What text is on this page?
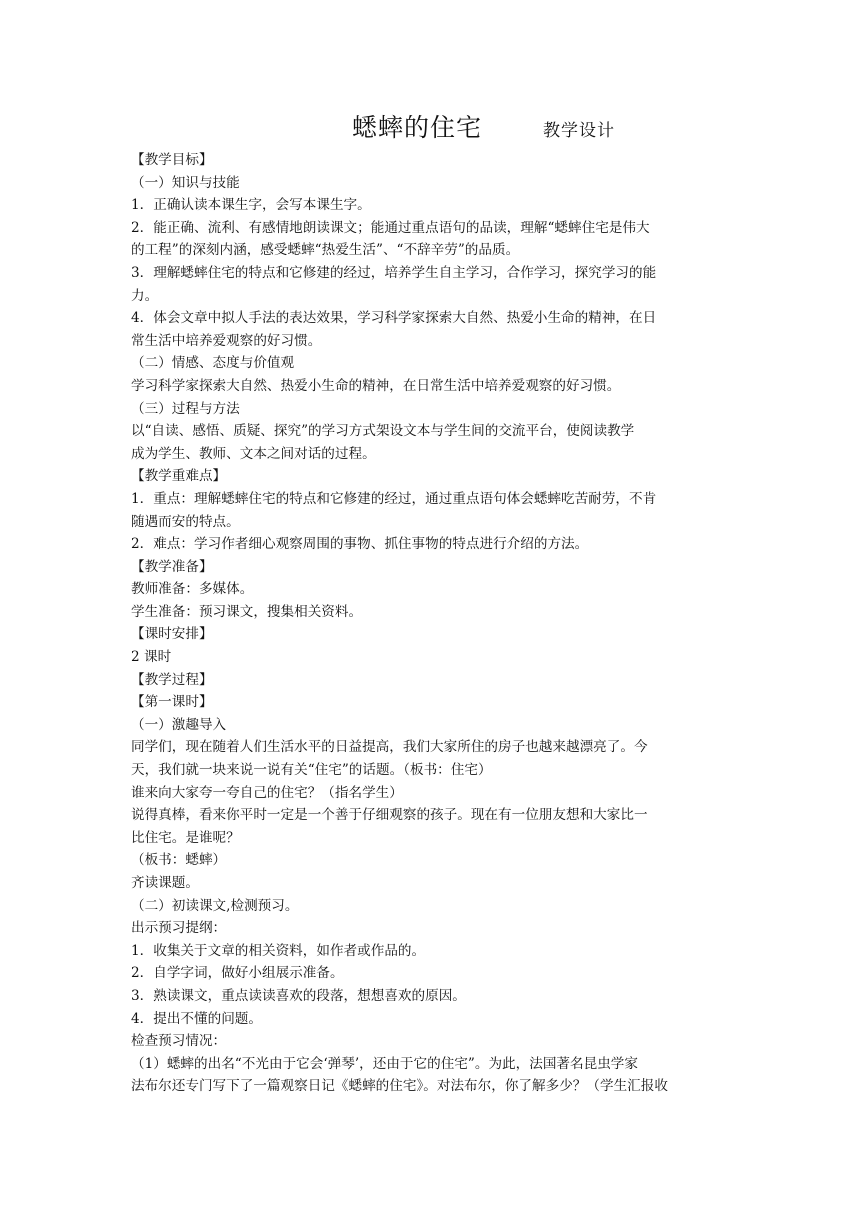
蟋蟀的住宅	教学设计
【教学目标】
（一）知识与技能
1．正确认读本课生字，会写本课生字。
2．能正确、流利、有感情地朗读课文；能通过重点语句的品读，理解“蟋蟀住宅是伟大
的工程”的深刻内涵，感受蟋蟀“热爱生活”、“不辞辛劳”的品质。
3．理解蟋蟀住宅的特点和它修建的经过，培养学生自主学习，合作学习，探究学习的能
力。
4．体会文章中拟人手法的表达效果，学习科学家探索大自然、热爱小生命的精神，在日
常生活中培养爱观察的好习惯。
（二）情感、态度与价值观
学习科学家探索大自然、热爱小生命的精神，在日常生活中培养爱观察的好习惯。
（三）过程与方法
以“自读、感悟、质疑、探究”的学习方式架设文本与学生间的交流平台，使阅读教学
成为学生、教师、文本之间对话的过程。
【教学重难点】
1．重点：理解蟋蟀住宅的特点和它修建的经过，通过重点语句体会蟋蟀吃苦耐劳，不肯
随遇而安的特点。
2．难点：学习作者细心观察周围的事物、抓住事物的特点进行介绍的方法。
【教学准备】
教师准备：多媒体。
学生准备：预习课文，搜集相关资料。
【课时安排】
2 课时
【教学过程】
【第一课时】
（一）激趣导入
同学们，现在随着人们生活水平的日益提高，我们大家所住的房子也越来越漂亮了。今
天，我们就一块来说一说有关“住宅”的话题。（板书：住宅）
谁来向大家夸一夸自己的住宅？（指名学生）
说得真棒，看来你平时一定是一个善于仔细观察的孩子。现在有一位朋友想和大家比一
比住宅。是谁呢？
（板书：蟋蟀）
齐读课题。
（二）初读课文,检测预习。
出示预习提纲：
1．收集关于文章的相关资料，如作者或作品的。
2．自学字词，做好小组展示准备。
3．熟读课文，重点读读喜欢的段落，想想喜欢的原因。
4．提出不懂的问题。
检查预习情况：
（1）蟋蟀的出名“不光由于它会‘弹琴’，还由于它的住宅”。为此，法国著名昆虫学家
法布尔还专门写下了一篇观察日记《蟋蟀的住宅》。对法布尔，你了解多少？（学生汇报收
